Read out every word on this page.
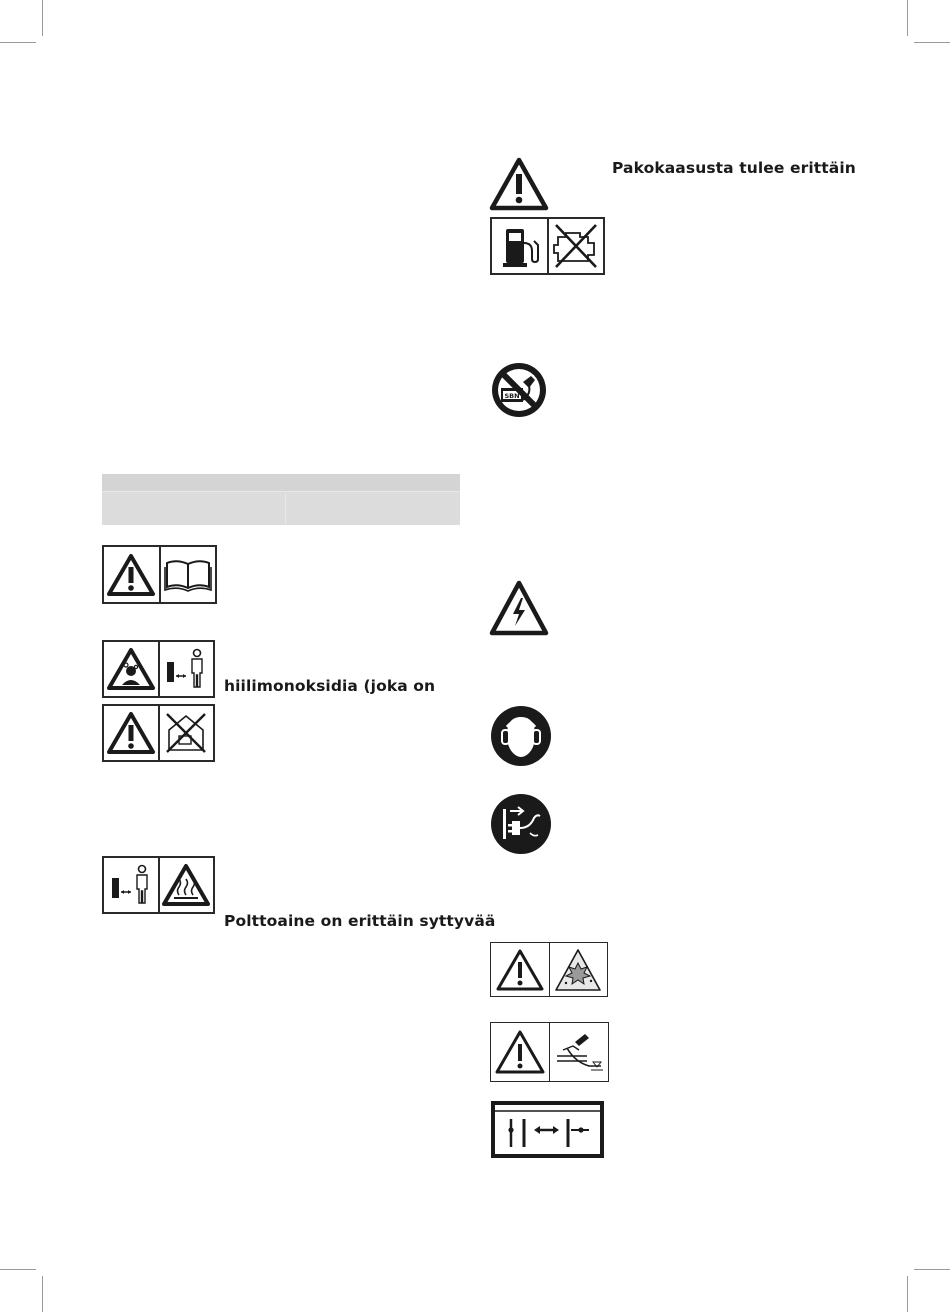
hiilimonoksidia (joka on
Polttoaine on erittäin syttyvää
Pakokaasusta tulee erittäin
SBN
